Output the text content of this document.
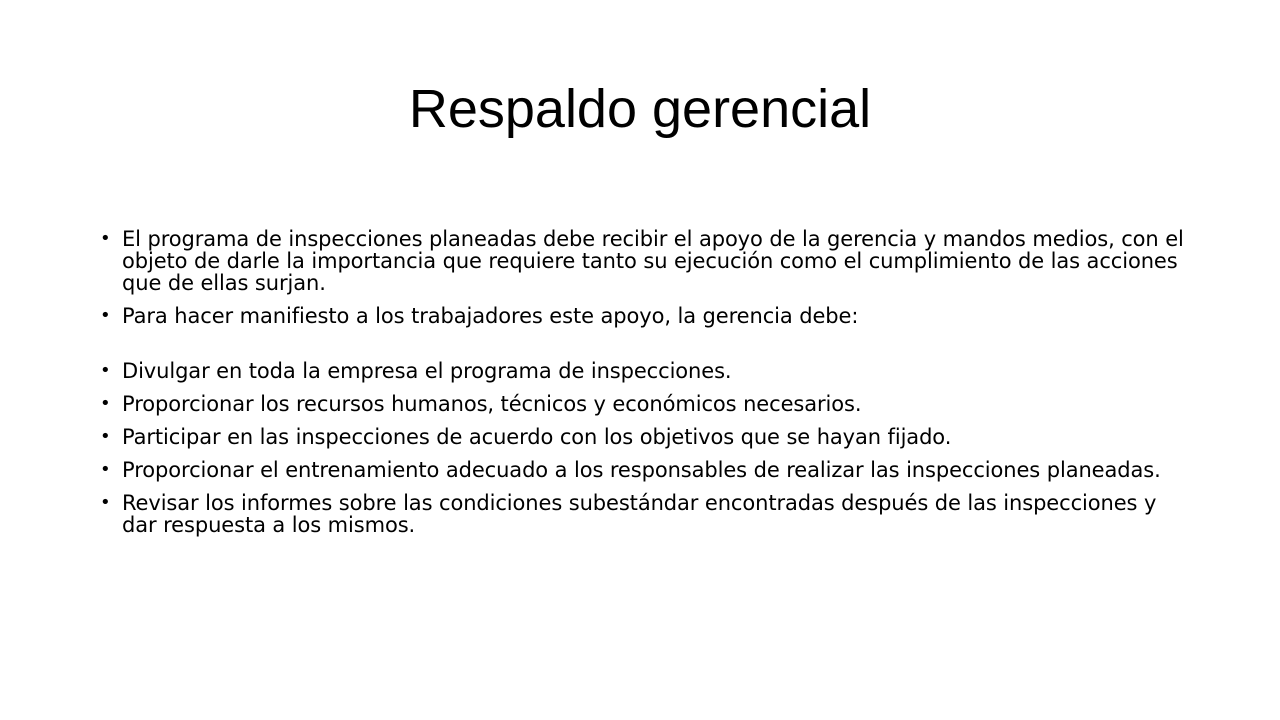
Respaldo gerencial

• El programa de inspecciones planeadas debe recibir el apoyo de la gerencia y mandos medios, con el objeto de darle la importancia que requiere tanto su ejecución como el cumplimiento de las acciones que de ellas surjan.

• Para hacer manifiesto a los trabajadores este apoyo, la gerencia debe:

• Divulgar en toda la empresa el programa de inspecciones.

• Proporcionar los recursos humanos, técnicos y económicos necesarios.

• Participar en las inspecciones de acuerdo con los objetivos que se hayan fijado.

• Proporcionar el entrenamiento adecuado a los responsables de realizar las inspecciones planeadas.

• Revisar los informes sobre las condiciones subestándar encontradas después de las inspecciones y dar respuesta a los mismos.
